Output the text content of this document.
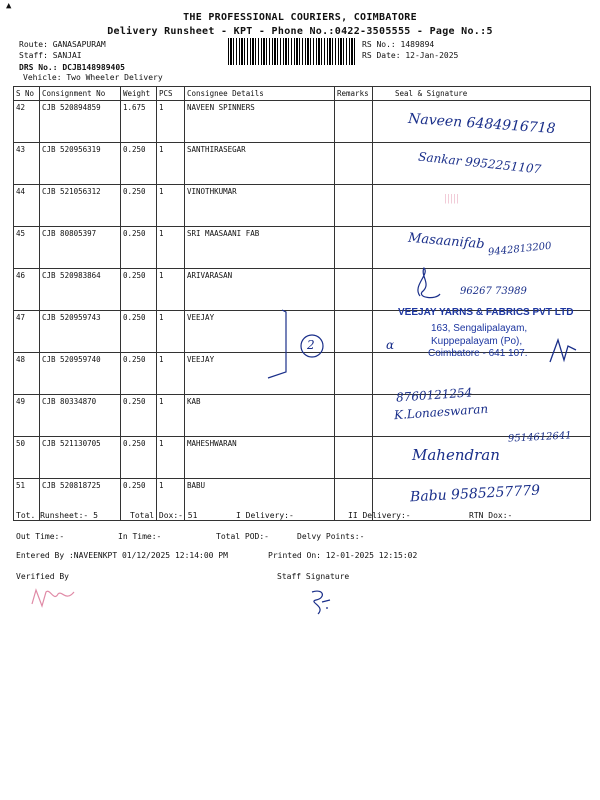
▲
THE PROFESSIONAL COURIERS, COIMBATORE
Delivery Runsheet - KPT - Phone No.:0422-3505555 - Page No.:5
Route: GANASAPURAM
Staff: SANJAI
DRS No.: DCJB148989405
Vehicle: Two Wheeler Delivery
RS No.: 1489894
RS Date: 12-Jan-2025
S No	Consignment No	Weight	PCS	Consignee Details	Remarks	Seal & Signature
42	CJB 520894859	1.675	1	NAVEEN SPINNERS		
43	CJB 520956319	0.250	1	SANTHIRASEGAR		
44	CJB 521056312	0.250	1	VINOTHKUMAR		
45	CJB 80805397	0.250	1	SRI MAASAANI FAB		
46	CJB 520983864	0.250	1	ARIVARASAN		
47	CJB 520959743	0.250	1	VEEJAY		
48	CJB 520959740	0.250	1	VEEJAY		
49	CJB 80334870	0.250	1	KAB		
50	CJB 521130705	0.250	1	MAHESHWARAN		
51	CJB 520818725	0.250	1	BABU		
Naveen 6484916718
Sankar 9952251107
|||||
Masaanifab 9442813200
96267 73989
VEEJAY YARNS & FABRICS PVT LTD
163, Sengalipalayam,
Kuppepalayam (Po),
Coimbatore - 641 107.
α
2
8760121254
K.Lonaeswaran
Mahendran
9514612641
Babu 9585257779
Tot. Runsheet:- 5	Total Dox:- 51	I Delivery:-	II Delivery:-	RTN Dox:-
Out Time:-	In Time:-	Total POD:-	Delvy Points:-
Entered By :NAVEENKPT 01/12/2025 12:14:00 PM	Printed On: 12-01-2025 12:15:02
Verified By	Staff Signature
